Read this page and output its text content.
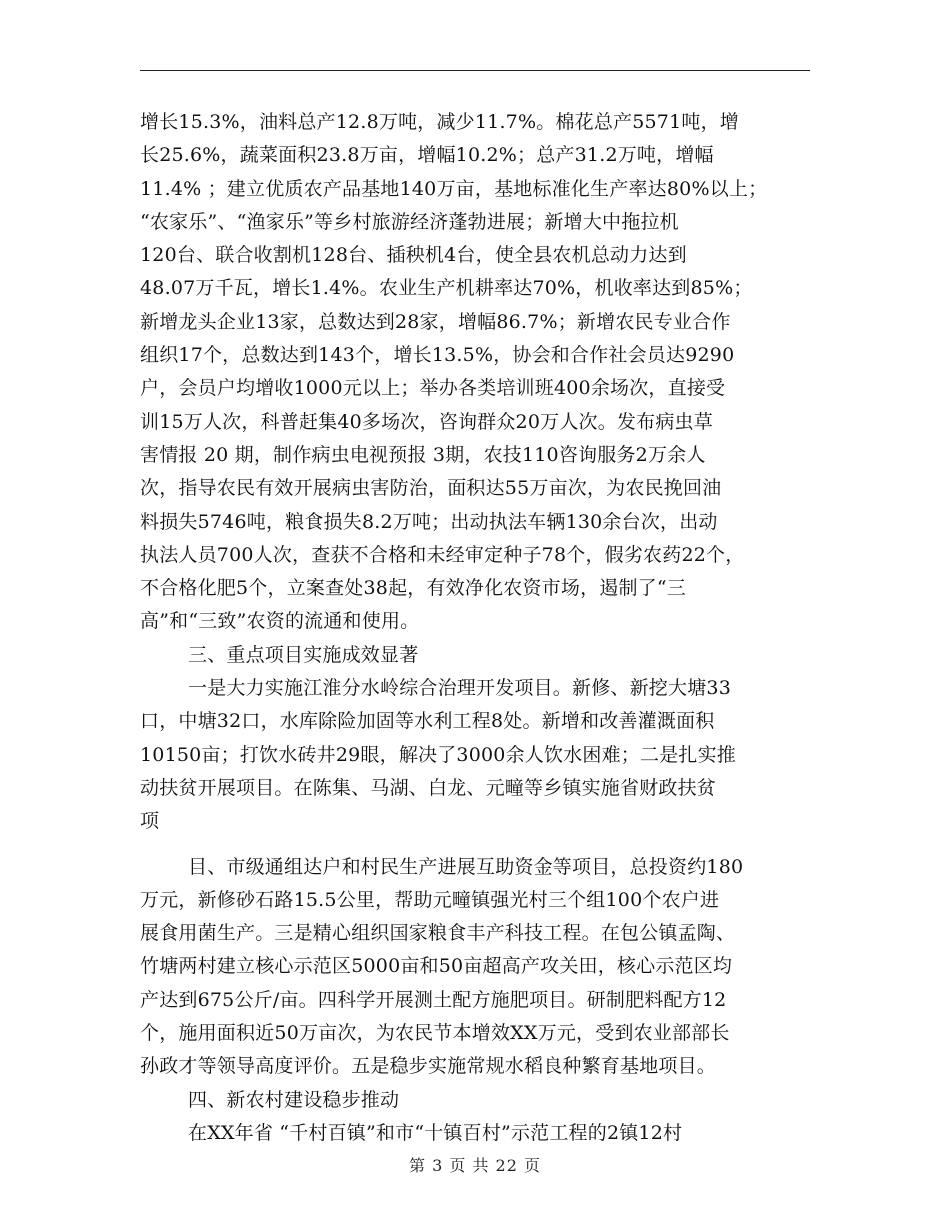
增长15.3%，油料总产12.8万吨，减少11.7%。棉花总产5571吨，增
长25.6%，蔬菜面积23.8万亩，增幅10.2%；总产31.2万吨，增幅
11.4% ；建立优质农产品基地140万亩，基地标准化生产率达80%以上；
“农家乐”、“渔家乐”等乡村旅游经济蓬勃进展；新增大中拖拉机
120台、联合收割机128台、插秧机4台，使全县农机总动力达到
48.07万千瓦，增长1.4%。农业生产机耕率达70%，机收率达到85%；
新增龙头企业13家，总数达到28家，增幅86.7%；新增农民专业合作
组织17个，总数达到143个，增长13.5%，协会和合作社会员达9290
户，会员户均增收1000元以上；举办各类培训班400余场次，直接受
训15万人次，科普赶集40多场次，咨询群众20万人次。发布病虫草
害情报 20 期，制作病虫电视预报 3期，农技110咨询服务2万余人
次，指导农民有效开展病虫害防治，面积达55万亩次，为农民挽回油
料损失5746吨，粮食损失8.2万吨；出动执法车辆130余台次，出动
执法人员700人次，查获不合格和未经审定种子78个，假劣农药22个，
不合格化肥5个，立案查处38起，有效净化农资市场，遏制了“三
高”和“三致”农资的流通和使用。
三、重点项目实施成效显著
一是大力实施江淮分水岭综合治理开发项目。新修、新挖大塘33
口，中塘32口，水库除险加固等水利工程8处。新增和改善灌溉面积
10150亩；打饮水砖井29眼，解决了3000余人饮水困难；二是扎实推
动扶贫开展项目。在陈集、马湖、白龙、元疃等乡镇实施省财政扶贫
项
目、市级通组达户和村民生产进展互助资金等项目，总投资约180
万元，新修砂石路15.5公里，帮助元疃镇强光村三个组100个农户进
展食用菌生产。三是精心组织国家粮食丰产科技工程。在包公镇孟陶、
竹塘两村建立核心示范区5000亩和50亩超高产攻关田，核心示范区均
产达到675公斤/亩。四科学开展测土配方施肥项目。研制肥料配方12
个，施用面积近50万亩次，为农民节本增效XX万元，受到农业部部长
孙政才等领导高度评价。五是稳步实施常规水稻良种繁育基地项目。
四、新农村建设稳步推动
在XX年省 “千村百镇”和市“十镇百村”示范工程的2镇12村
第 3 页 共 22 页
